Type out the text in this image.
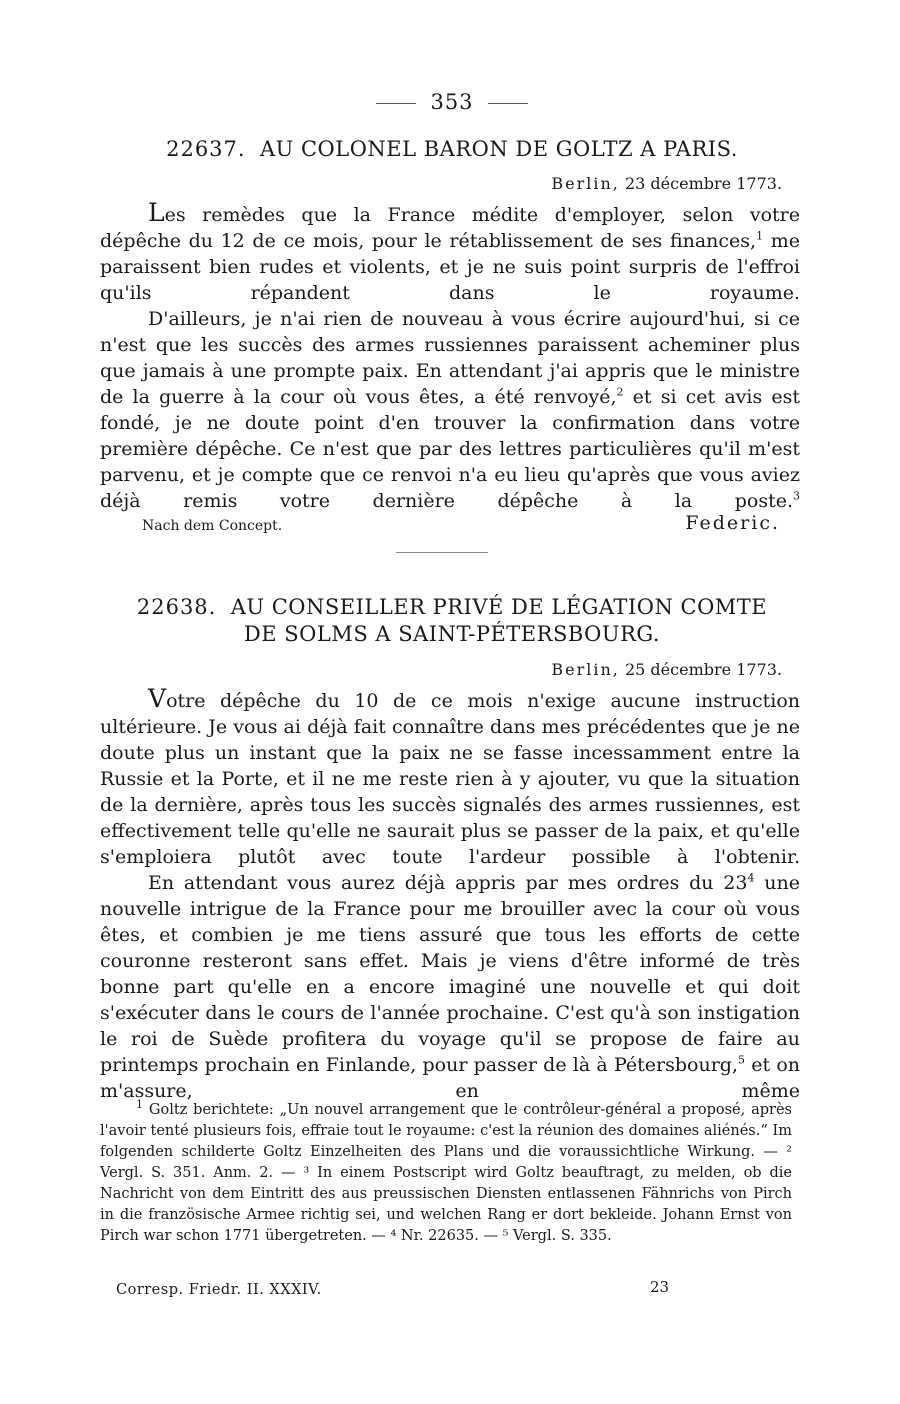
353
22637. AU COLONEL BARON DE GOLTZ A PARIS.
Berlin, 23 décembre 1773.

Les remèdes que la France médite d'employer, selon votre dépêche du 12 de ce mois, pour le rétablissement de ses finances,$^1$ me paraissent bien rudes et violents, et je ne suis point surpris de l'effroi qu'ils répandent dans le royaume.

D'ailleurs, je n'ai rien de nouveau à vous écrire aujourd'hui, si ce n'est que les succès des armes russiennes paraissent acheminer plus que jamais à une prompte paix. En attendant j'ai appris que le ministre de la guerre à la cour où vous êtes, a été renvoyé,$^2$ et si cet avis est fondé, je ne doute point d'en trouver la confirmation dans votre première dépêche. Ce n'est que par des lettres particulières qu'il m'est parvenu, et je compte que ce renvoi n'a eu lieu qu'après que vous aviez déjà remis votre dernière dépêche à la poste.$^3$

Nach dem Concept.	Federic.
22638. AU CONSEILLER PRIVÉ DE LÉGATION COMTE
DE SOLMS A SAINT-PÉTERSBOURG.
Berlin, 25 décembre 1773.

Votre dépêche du 10 de ce mois n'exige aucune instruction ultérieure. Je vous ai déjà fait connaître dans mes précédentes que je ne doute plus un instant que la paix ne se fasse incessamment entre la Russie et la Porte, et il ne me reste rien à y ajouter, vu que la situation de la dernière, après tous les succès signalés des armes russiennes, est effectivement telle qu'elle ne saurait plus se passer de la paix, et qu'elle s'emploiera plutôt avec toute l'ardeur possible à l'obtenir.

En attendant vous aurez déjà appris par mes ordres du $23^4$ une nouvelle intrigue de la France pour me brouiller avec la cour où vous êtes, et combien je me tiens assuré que tous les efforts de cette couronne resteront sans effet. Mais je viens d'être informé de très bonne part qu'elle en a encore imaginé une nouvelle et qui doit s'exécuter dans le cours de l'année prochaine. C'est qu'à son instigation le roi de Suède profitera du voyage qu'il se propose de faire au printemps prochain en Finlande, pour passer de là à Pétersbourg,$^5$ et on m'assure, en même

$^1$ Goltz berichtete: „Un nouvel arrangement que le contrôleur-général a proposé, après l'avoir tenté plusieurs fois, effraie tout le royaume: c'est la réunion des domaines aliénés.“ Im folgenden schilderte Goltz Einzelheiten des Plans und die voraussichtliche Wirkung. — ² Vergl. S. 351. Anm. 2. — ³ In einem Postscript wird Goltz beauftragt, zu melden, ob die Nachricht von dem Eintritt des aus preussischen Diensten entlassenen Fähnrichs von Pirch in die französische Armee richtig sei, und welchen Rang er dort bekleide. Johann Ernst von Pirch war schon 1771 übergetreten. — ⁴ Nr. 22635. — ⁵ Vergl. S. 335.

Corresp. Friedr. II. XXXIV.	23
